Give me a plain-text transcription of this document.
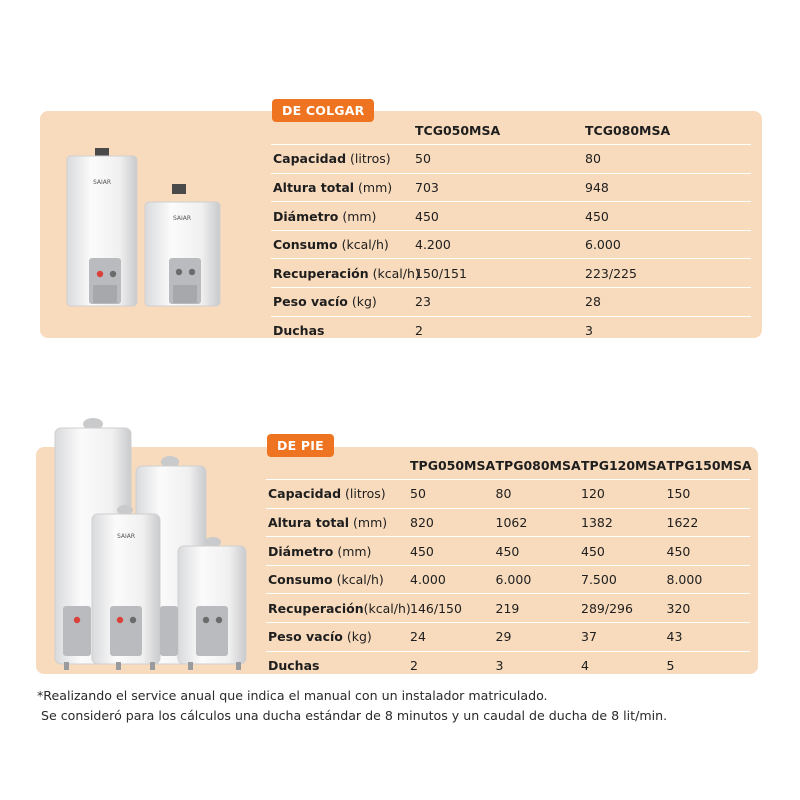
SAIAR
SAIAR
DE COLGAR
	TCG050MSA	TCG080MSA
Capacidad (litros)	50	80
Altura total (mm)	703	948
Diámetro (mm)	450	450
Consumo (kcal/h)	4.200	6.000
Recuperación (kcal/h)	150/151	223/225
Peso vacío (kg)	23	28
Duchas	2	3
SAIAR
DE PIE
	TPG050MSA	TPG080MSA	TPG120MSA	TPG150MSA
Capacidad (litros)	50	80	120	150
Altura total (mm)	820	1062	1382	1622
Diámetro (mm)	450	450	450	450
Consumo (kcal/h)	4.000	6.000	7.500	8.000
Recuperación(kcal/h)	146/150	219	289/296	320
Peso vacío (kg)	24	29	37	43
Duchas	2	3	4	5
*Realizando el service anual que indica el manual con un instalador matriculado.
Se consideró para los cálculos una ducha estándar de 8 minutos y un caudal de ducha de 8 lit/min.
